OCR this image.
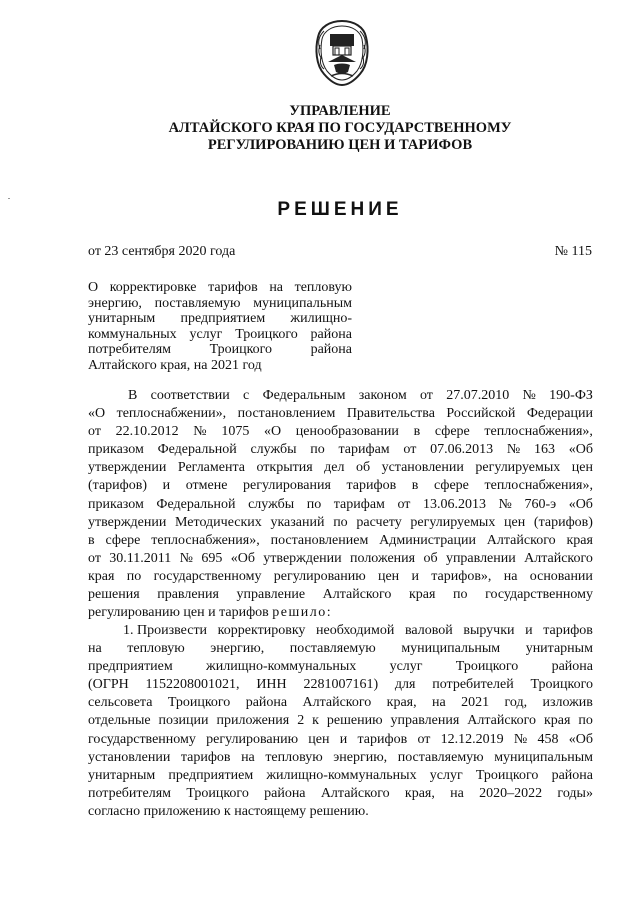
УПРАВЛЕНИЕ
АЛТАЙСКОГО КРАЯ ПО ГОСУДАРСТВЕННОМУ
РЕГУЛИРОВАНИЮ ЦЕН И ТАРИФОВ
РЕШЕНИЕ
от 23 сентября 2020 года	№ 115
О корректировке тарифов на тепловую
энергию, поставляемую муниципальным
унитарным предприятием жилищно-
коммунальных услуг Троицкого района
потребителям	Троицкого	района
Алтайского края, на 2021 год
В соответствии с Федеральным законом от 27.07.2010 № 190-ФЗ
«О теплоснабжении», постановлением Правительства Российской Федерации
от 22.10.2012 № 1075 «О ценообразовании в сфере теплоснабжения»,
приказом Федеральной службы по тарифам от 07.06.2013 № 163 «Об
утверждении Регламента открытия дел об установлении регулируемых цен
(тарифов) и отмене регулирования тарифов в сфере теплоснабжения»,
приказом Федеральной службы по тарифам от 13.06.2013 № 760-э «Об
утверждении Методических указаний по расчету регулируемых цен (тарифов)
в сфере теплоснабжения», постановлением Администрации Алтайского края
от 30.11.2011 № 695 «Об утверждении положения об управлении Алтайского
края по государственному регулированию цен и тарифов», на основании
решения правления управление Алтайского края по государственному
регулированию цен и тарифов решило:
1. Произвести корректировку необходимой валовой выручки и тарифов
на тепловую энергию, поставляемую муниципальным унитарным
предприятием жилищно-коммунальных услуг Троицкого района
(ОГРН 1152208001021, ИНН 2281007161) для потребителей Троицкого
сельсовета Троицкого района Алтайского края, на 2021 год, изложив
отдельные позиции приложения 2 к решению управления Алтайского края по
государственному регулированию цен и тарифов от 12.12.2019 № 458 «Об
установлении тарифов на тепловую энергию, поставляемую муниципальным
унитарным предприятием жилищно-коммунальных услуг Троицкого района
потребителям Троицкого района Алтайского края, на 2020–2022 годы»
согласно приложению к настоящему решению.
